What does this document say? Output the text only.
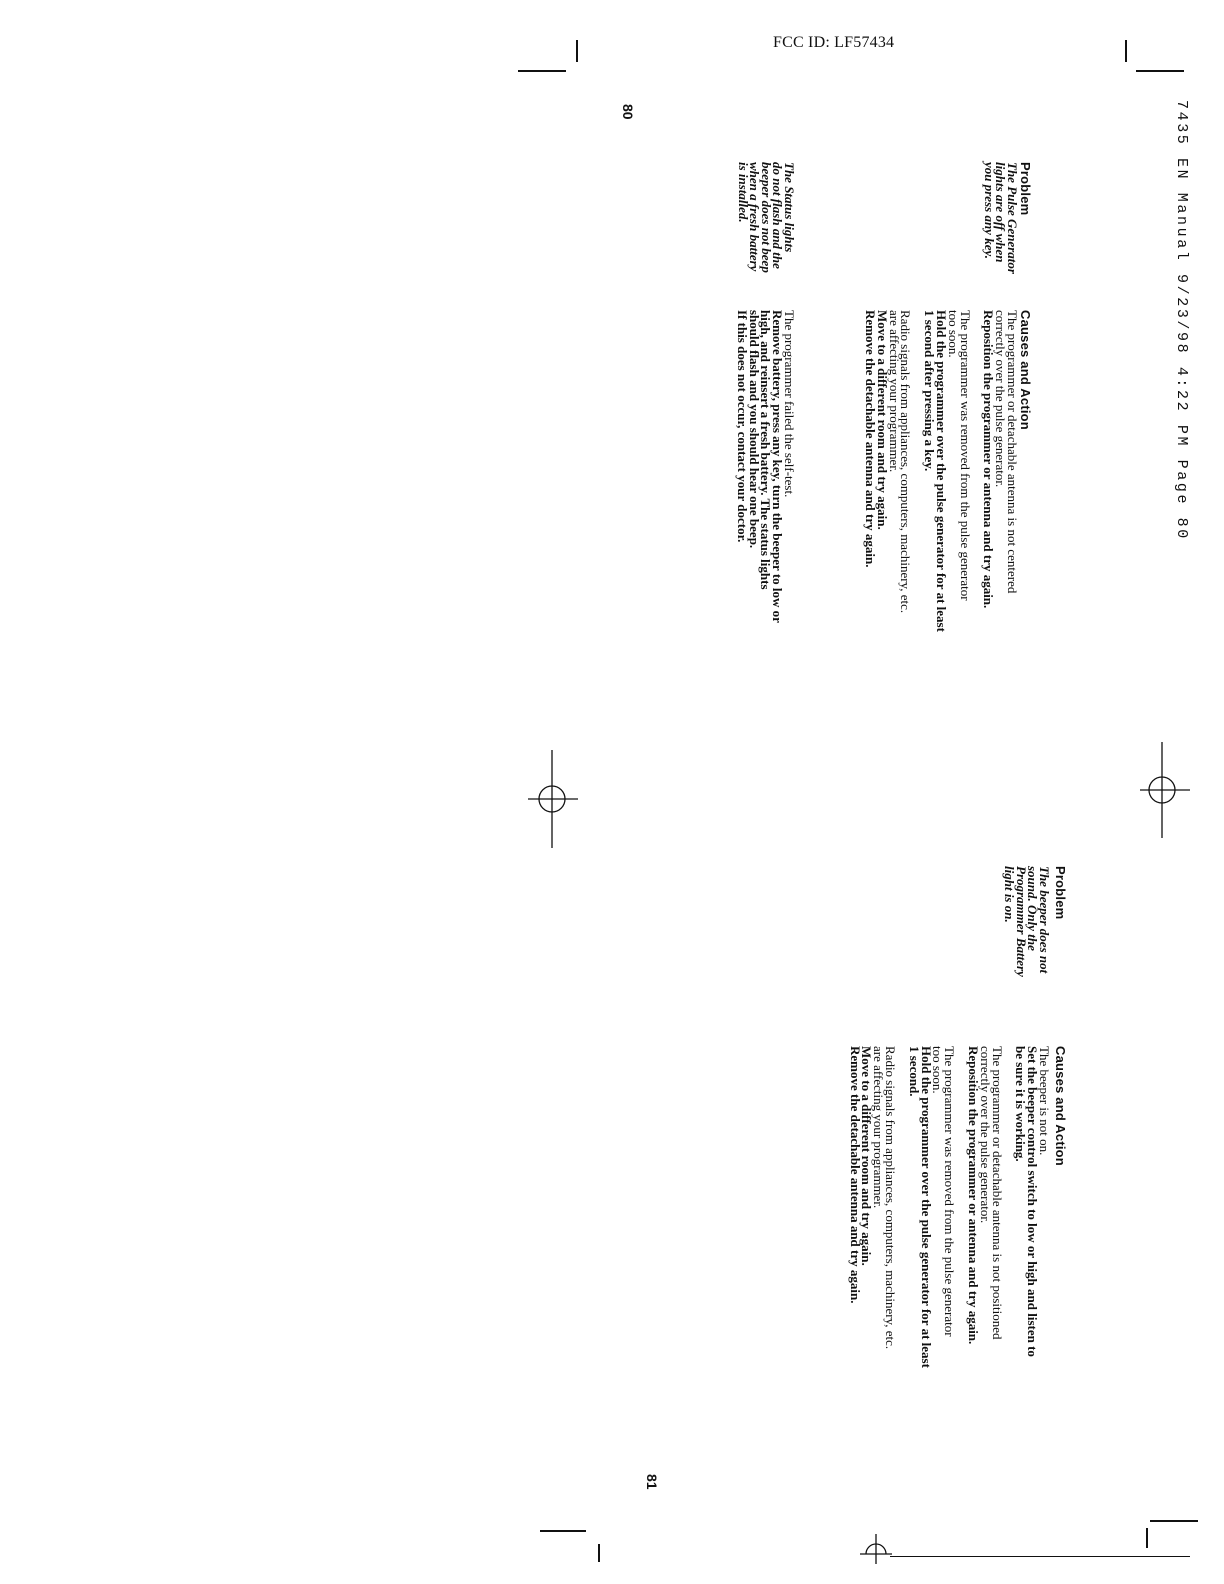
FCC ID: LF57434
7435 EN Manual 9/23/98 4:22 PM Page 80
80
81
Problem
Causes and Action
The Pulse Generator
lights are off when
you press any key.
The programmer or detachable antenna is not centered
correctly over the pulse generator.
Reposition the programmer or antenna and try again.
The programmer was removed from the pulse generator
too soon.
Hold the programmer over the pulse generator for at least
1 second after pressing a key.
Radio signals from appliances, computers, machinery, etc.
are affecting your programmer.
Move to a different room and try again.
Remove the detachable antenna and try again.
The Status lights
do not flash and the
beeper does not beep
when a fresh battery
is installed.
The programmer failed the self-test.
Remove battery, press any key, turn the beeper to low or
high, and reinsert a fresh battery. The status lights
should flash and you should hear one beep.
If this does not occur, contact your doctor.
Problem
Causes and Action
The beeper does not
sound. Only the
Programmer Battery
light is on.
The beeper is not on.
Set the beeper control switch to low or high and listen to
be sure it is working.
The programmer or detachable antenna is not positioned
correctly over the pulse generator.
Reposition the programmer or antenna and try again.
The programmer was removed from the pulse generator
too soon.
Hold the programmer over the pulse generator for at least
1 second.
Radio signals from appliances, computers, machinery, etc.
are affecting your programmer.
Move to a different room and try again.
Remove the detachable antenna and try again.
